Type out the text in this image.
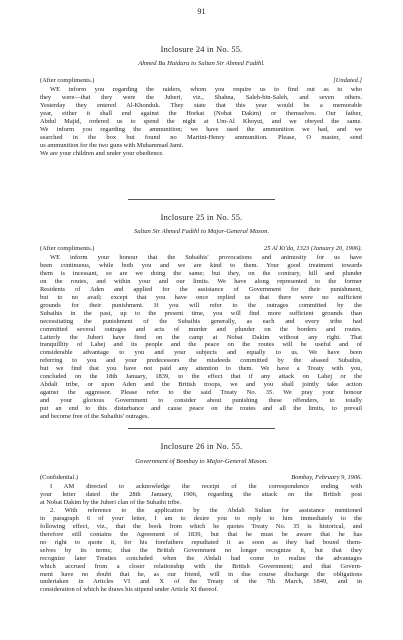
91
Inclosure 24 in No. 55.
Ahmed Bu Haidara to Sultan Sir Ahmed Fadthl.
(After compliments.)	[Undated.]
WE inform you regarding the raiders, whom you require us to find out as to who
they were—that they were the Juberi, viz., Shahna, Saleh-bin-Saleh, and seven others.
Yesterday they entered Al-Khonduk. They state that this year would be a memorable
year, either it shall end against the Horkat (Nobat Dakim) or themselves. Our father,
Abdul Majid, ordered us to spend the night at Um-Al Khoyut, and we obeyed the same.
We inform you regarding the ammunition; we have used the ammunition we had, and we
searched in the box but found no Martini-Henry ammunition. Please, O master, send
us ammunition for the two guns with Muhammad Jami.
We are your children and under your obedience.
Inclosure 25 in No. 55.
Sultan Sir Ahmed Fadthl to Major-General Mason.
(After compliments.)	25 Al Ki'da, 1323 (January 20, 1906).
WE inform your honour that the Subaihis' provocations and animosity for us have
been continuous, while both you and we are kind to them. Your good treatment towards
them is incessant, so are we doing the same; but they, on the contrary, kill and plunder
on the routes, and within your and our limits. We have along represented to the former
Residents of Aden and applied for the assistance of Government for their punishment,
but to no avail; except that you have once replied us that there were no sufficient
grounds for their punishment. If you will refer to the outrages committed by the
Subaihis in the past, up to the present time, you will find more sufficient grounds than
necessitating the punishment of the Subaihis generally, as each and every tribe had
committed several outrages and acts of murder and plunder on the borders and routes.
Latterly the Juberi have fired on the camp at Nobat Dakim without any right. That
tranquillity of Lahej and its people and the peace on the routes will be useful and of
considerable advantage to you and your subjects and equally to us. We have been
referring to you and your predecessors the misdeeds committed by the abased Subaihis,
but we find that you have not paid any attention to them. We have a Treaty with you,
concluded on the 18th January, 1839, to the effect that if any attack on Lahej or the
Abdali tribe, or upon Aden and the British troops, we and you shall jointly take action
against the aggressor. Please refer to the said Treaty No. 35. We pray your honour
and your glorious Government to consider about punishing these offenders, to totally
put an end to this disturbance and cause peace on the routes and all the limits, to prevail
and become free of the Subaihis' outrages.
Inclosure 26 in No. 55.
Government of Bombay to Major-General Mason.
(Confidential.)	Bombay, February 9, 1906.
I AM directed to acknowledge the receipt of the correspondence ending with
your letter dated the 28th January, 1906, regarding the attack on the British post
at Nobat Dakim by the Juberi clan of the Subaihi tribe.
2. With reference to the application by the Abdali Sultan for assistance mentioned
in paragraph 6 of your letter, I am to desire you to reply to him immediately to the
following effect, viz., that the book from which he quotes Treaty No. 35 is historical, and
therefore still contains the Agreement of 1839, but that he must be aware that he has
no right to quote it, for his forefathers repudiated it as soon as they had bound them-
selves by its terms; that the British Government no longer recognize it, but that they
recognize later Treaties concluded when the Abdali had come to realize the advantages
which accrued from a closer relationship with the British Government; and that Govern-
ment have no doubt that he, as our friend, will in due course discharge the obligations
undertaken in Articles VI and X of the Treaty of the 7th March, 1849, and in
consideration of which he draws his stipend under Article XI thereof.
